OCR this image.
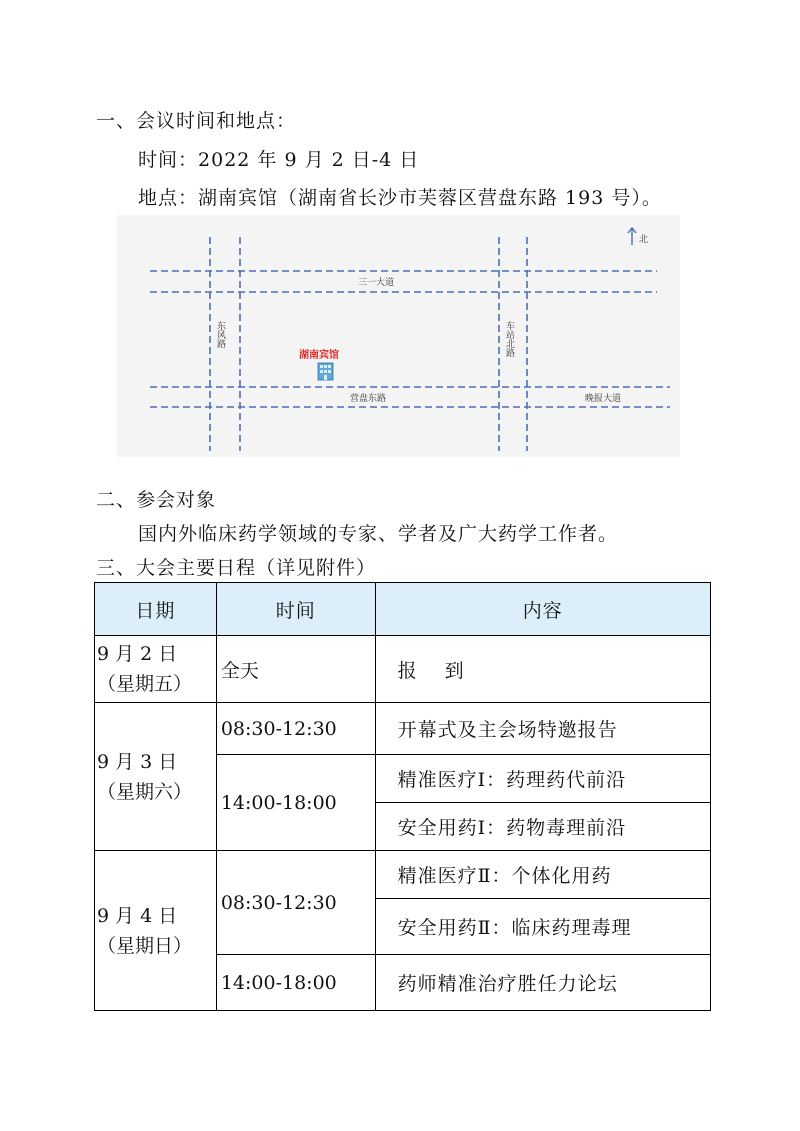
一、会议时间和地点：
时间：2022 年 9 月 2 日-4 日
地点：湖南宾馆（湖南省长沙市芙蓉区营盘东路 193 号）。
北
三一大道
营盘东路	晚报大道
东风路	车站北路
湖南宾馆
二、参会对象
国内外临床药学领域的专家、学者及广大药学工作者。
三、大会主要日程（详见附件）
日期	时间	内容

9 月 2 日
（星期五）	全天	报　 到

9 月 3 日
（星期六）	08:30-12:30	开幕式及主会场特邀报告
	14:00-18:00	精准医疗Ⅰ：药理药代前沿
		安全用药Ⅰ：药物毒理前沿

9 月 4 日
（星期日）	08:30-12:30	精准医疗Ⅱ：个体化用药
		安全用药Ⅱ：临床药理毒理
	14:00-18:00	药师精准治疗胜任力论坛
